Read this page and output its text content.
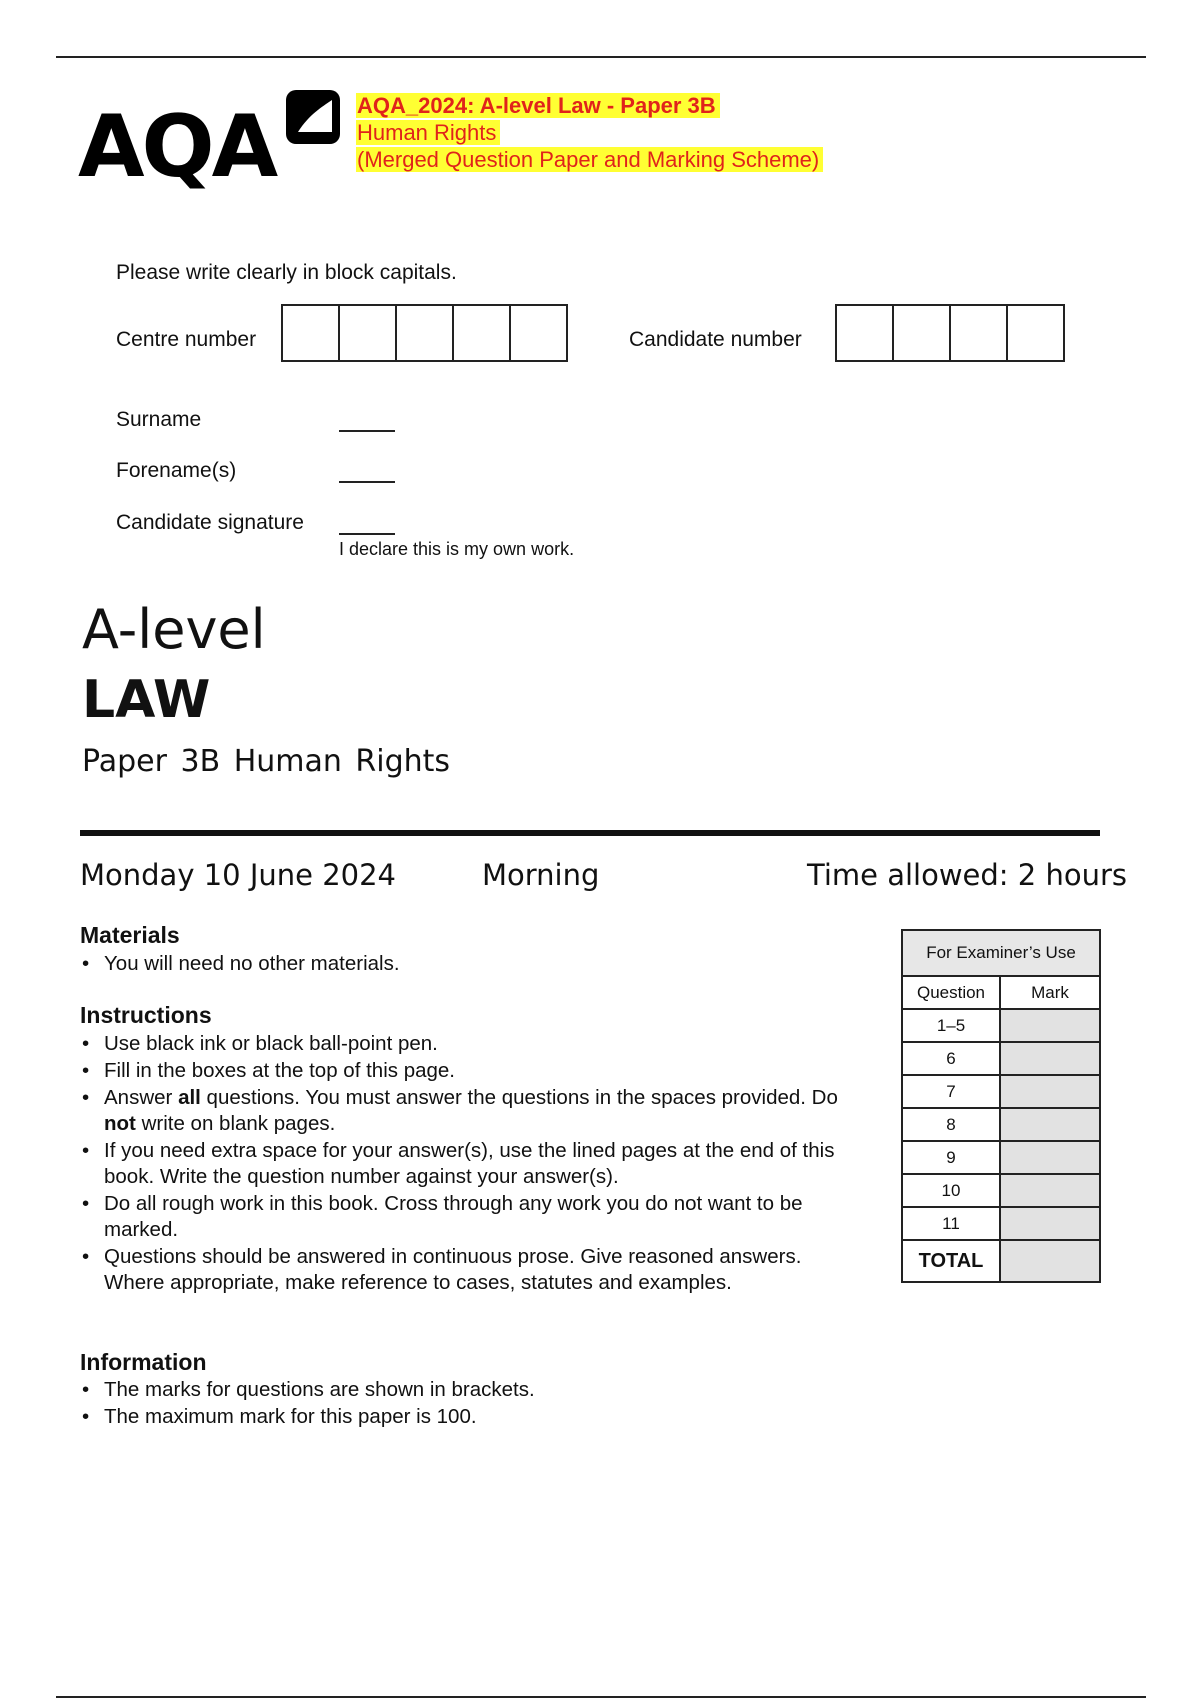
AQA	AQA_2024: A-level Law - Paper 3B
Human Rights
(Merged Question Paper and Marking Scheme)
Please write clearly in block capitals.
Centre number	Candidate number
Surname
Forename(s)
Candidate signature
I declare this is my own work.
A-level
LAW
Paper 3B Human Rights
Monday 10 June 2024	Morning	Time allowed: 2 hours
Materials
• You will need no other materials.
Instructions
• Use black ink or black ball-point pen.
• Fill in the boxes at the top of this page.
• Answer all questions. You must answer the questions in the spaces provided. Do not write on blank pages.
• If you need extra space for your answer(s), use the lined pages at the end of this book. Write the question number against your answer(s).
• Do all rough work in this book. Cross through any work you do not want to be marked.
• Questions should be answered in continuous prose. Give reasoned answers. Where appropriate, make reference to cases, statutes and examples.
Information
• The marks for questions are shown in brackets.
• The maximum mark for this paper is 100.
For Examiner’s Use	
Question	Mark
1–5	
6	
7	
8	
9	
10	
11	
TOTAL	
